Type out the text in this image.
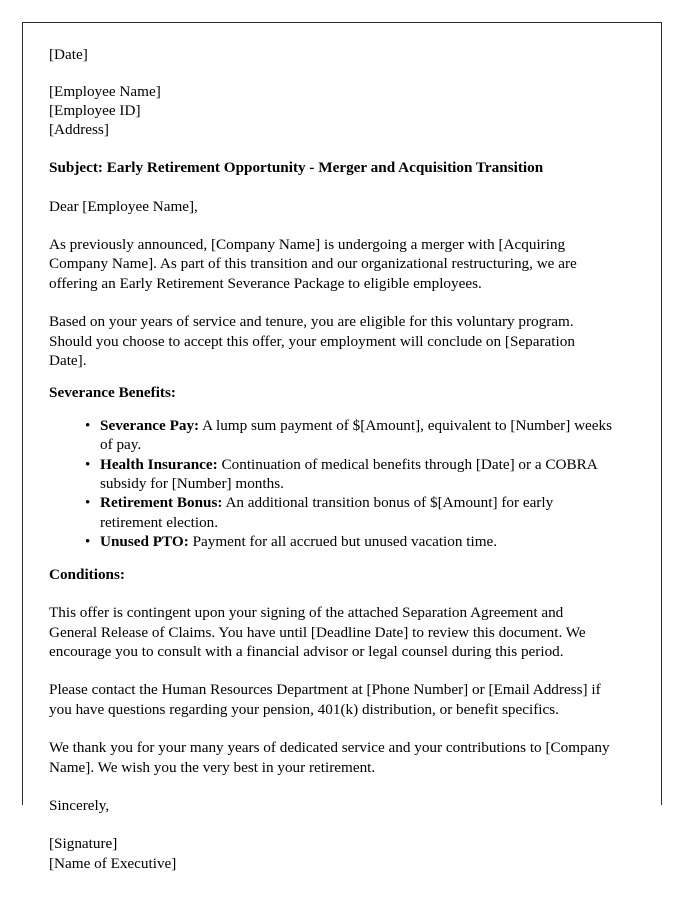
[Date]
[Employee Name]
[Employee ID]
[Address]
Subject: Early Retirement Opportunity - Merger and Acquisition Transition

Dear [Employee Name],

As previously announced, [Company Name] is undergoing a merger with [Acquiring Company Name]. As part of this transition and our organizational restructuring, we are offering an Early Retirement Severance Package to eligible employees.

Based on your years of service and tenure, you are eligible for this voluntary program. Should you choose to accept this offer, your employment will conclude on [Separation Date].

Severance Benefits:
• Severance Pay: A lump sum payment of $[Amount], equivalent to [Number] weeks of pay.
• Health Insurance: Continuation of medical benefits through [Date] or a COBRA subsidy for [Number] months.
• Retirement Bonus: An additional transition bonus of $[Amount] for early retirement election.
• Unused PTO: Payment for all accrued but unused vacation time.
Conditions:

This offer is contingent upon your signing of the attached Separation Agreement and General Release of Claims. You have until [Deadline Date] to review this document. We encourage you to consult with a financial advisor or legal counsel during this period.

Please contact the Human Resources Department at [Phone Number] or [Email Address] if you have questions regarding your pension, 401(k) distribution, or benefit specifics.

We thank you for your many years of dedicated service and your contributions to [Company Name]. We wish you the very best in your retirement.

Sincerely,
[Signature]
[Name of Executive]
